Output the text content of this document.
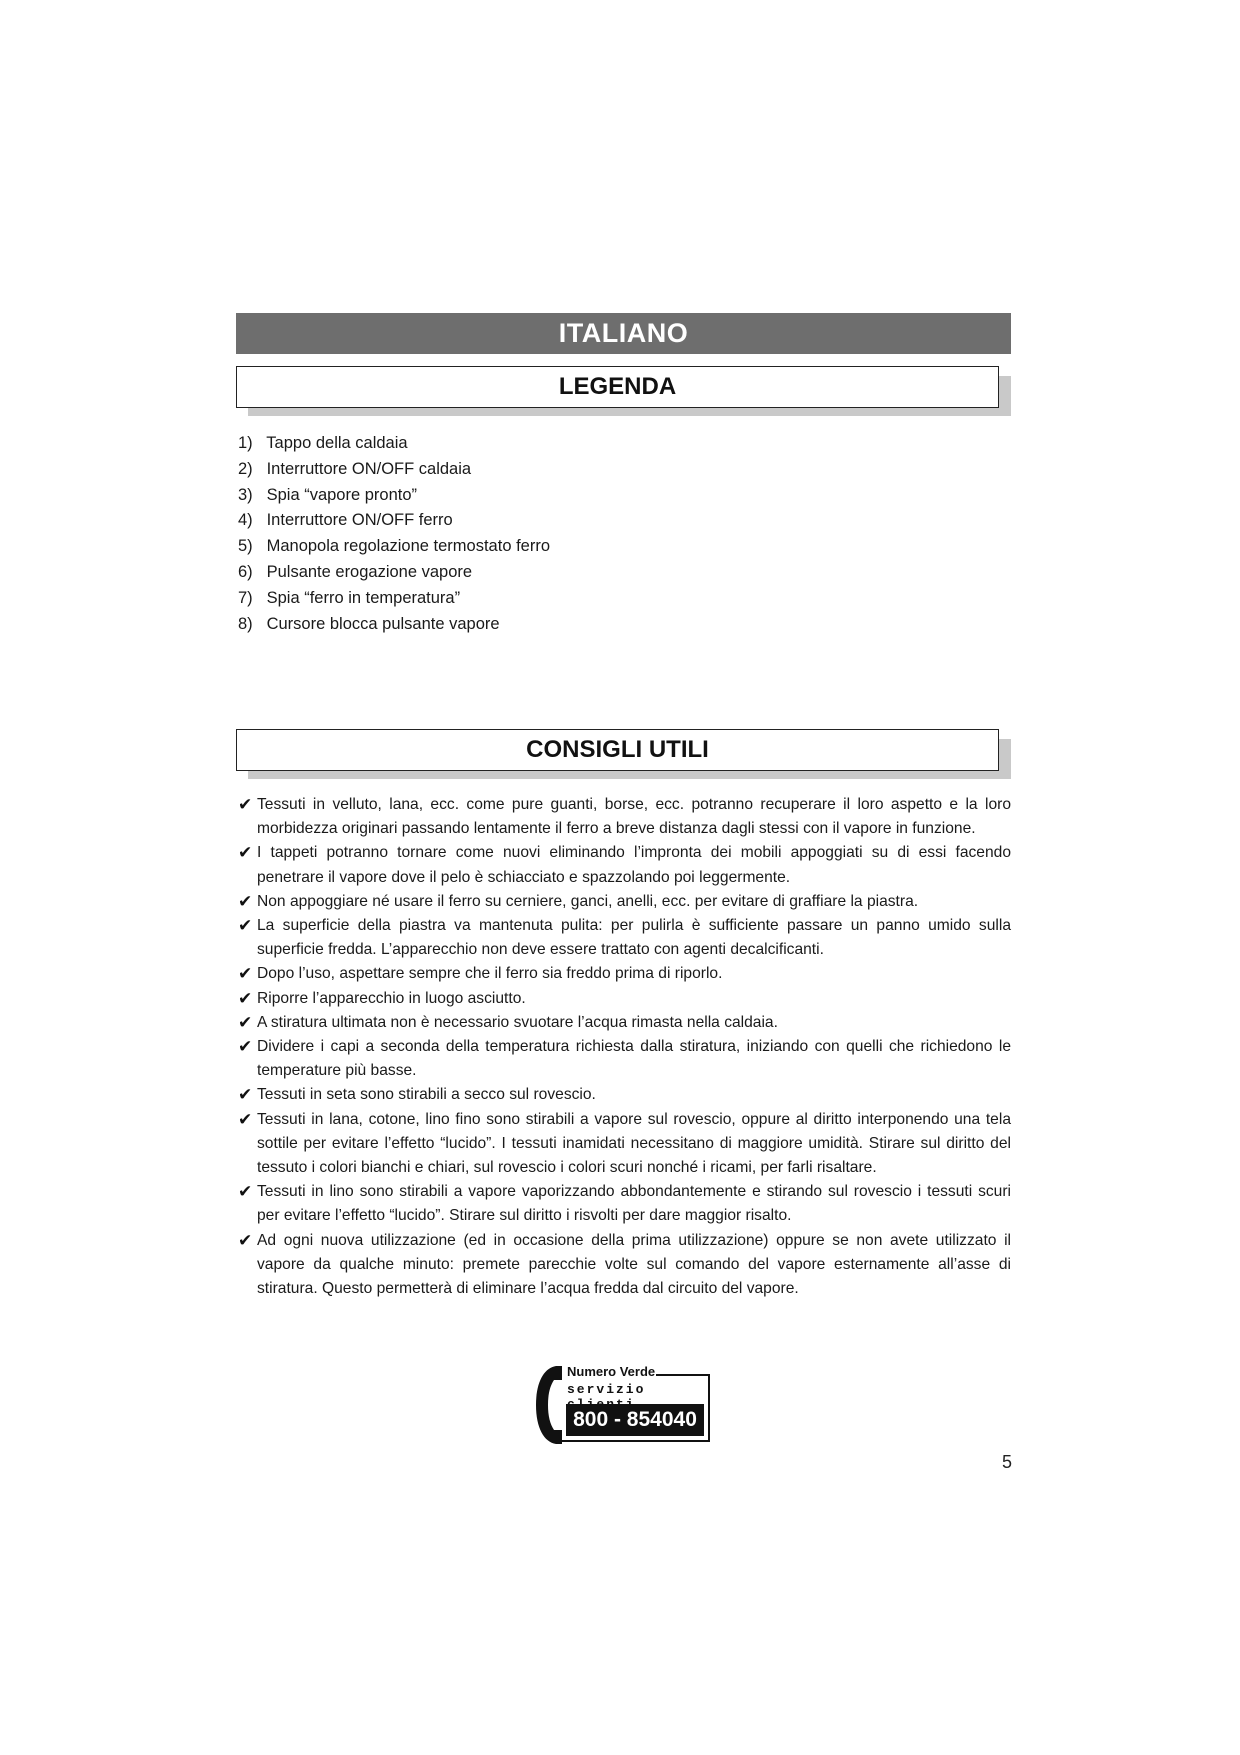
ITALIANO
LEGENDA
1) Tappo della caldaia
2) Interruttore ON/OFF caldaia
3) Spia “vapore pronto”
4) Interruttore ON/OFF ferro
5) Manopola regolazione termostato ferro
6) Pulsante erogazione vapore
7) Spia “ferro in temperatura”
8) Cursore blocca pulsante vapore
CONSIGLI UTILI
✔ Tessuti in velluto, lana, ecc. come pure guanti, borse, ecc. potranno recuperare il loro aspetto e la loro morbidezza originari passando lentamente il ferro a breve distanza dagli stessi con il vapore in funzione.
✔ I tappeti potranno tornare come nuovi eliminando l’impronta dei mobili appoggiati su di essi facendo penetrare il vapore dove il pelo è schiacciato e spazzolando poi leggermente.
✔ Non appoggiare né usare il ferro su cerniere, ganci, anelli, ecc. per evitare di graffiare la piastra.
✔ La superficie della piastra va mantenuta pulita: per pulirla è sufficiente passare un panno umido sulla superficie fredda. L’apparecchio non deve essere trattato con agenti decalcificanti.
✔ Dopo l’uso, aspettare sempre che il ferro sia freddo prima di riporlo.
✔ Riporre l’apparecchio in luogo asciutto.
✔ A stiratura ultimata non è necessario svuotare l’acqua rimasta nella caldaia.
✔ Dividere i capi a seconda della temperatura richiesta dalla stiratura, iniziando con quelli che richiedono le temperature più basse.
✔ Tessuti in seta sono stirabili a secco sul rovescio.
✔ Tessuti in lana, cotone, lino fino sono stirabili a vapore sul rovescio, oppure al diritto interponendo una tela sottile per evitare l’effetto “lucido”. I tessuti inamidati necessitano di maggiore umidità. Stirare sul diritto del tessuto i colori bianchi e chiari, sul rovescio i colori scuri nonché i ricami, per farli risaltare.
✔ Tessuti in lino sono stirabili a vapore vaporizzando abbondantemente e stirando sul rovescio i tessuti scuri per evitare l’effetto “lucido”. Stirare sul diritto i risvolti per dare maggior risalto.
✔ Ad ogni nuova utilizzazione (ed in occasione della prima utilizzazione) oppure se non avete utilizzato il vapore da qualche minuto: premete parecchie volte sul comando del vapore esternamente all’asse di stiratura. Questo permetterà di eliminare l’acqua fredda dal circuito del vapore.
Numero Verde
servizio
800 - 854040
5
